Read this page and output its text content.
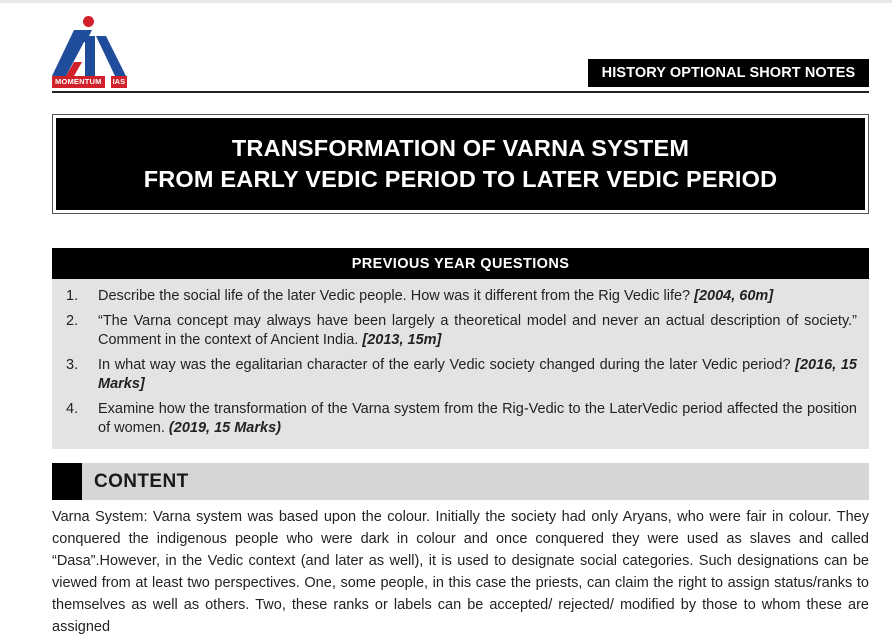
MOMENTUM	IAS
HISTORY OPTIONAL SHORT NOTES
TRANSFORMATION OF VARNA SYSTEM
FROM EARLY VEDIC PERIOD TO LATER VEDIC PERIOD
PREVIOUS YEAR QUESTIONS
1.	Describe the social life of the later Vedic people. How was it different from the Rig Vedic life? [2004, 60m]
2.	“The Varna concept may always have been largely a theoretical model and never an actual description of society.” Comment in the context of Ancient India. [2013, 15m]
3.	In what way was the egalitarian character of the early Vedic society changed during the later Vedic period? [2016, 15 Marks]
4.	Examine how the transformation of the Varna system from the Rig-Vedic to the LaterVedic period affected the position of women. (2019, 15 Marks)
CONTENT

Varna System: Varna system was based upon the colour. Initially the society had only Aryans, who were fair in colour. They conquered the indigenous people who were dark in colour and once conquered they were used as slaves and called “Dasa”.However, in the Vedic context (and later as well), it is used to designate social categories. Such designations can be viewed from at least two perspectives. One, some people, in this case the priests, can claim the right to assign status/ranks to themselves as well as others. Two, these ranks or labels can be accepted/ rejected/ modified by those to whom these are assigned
